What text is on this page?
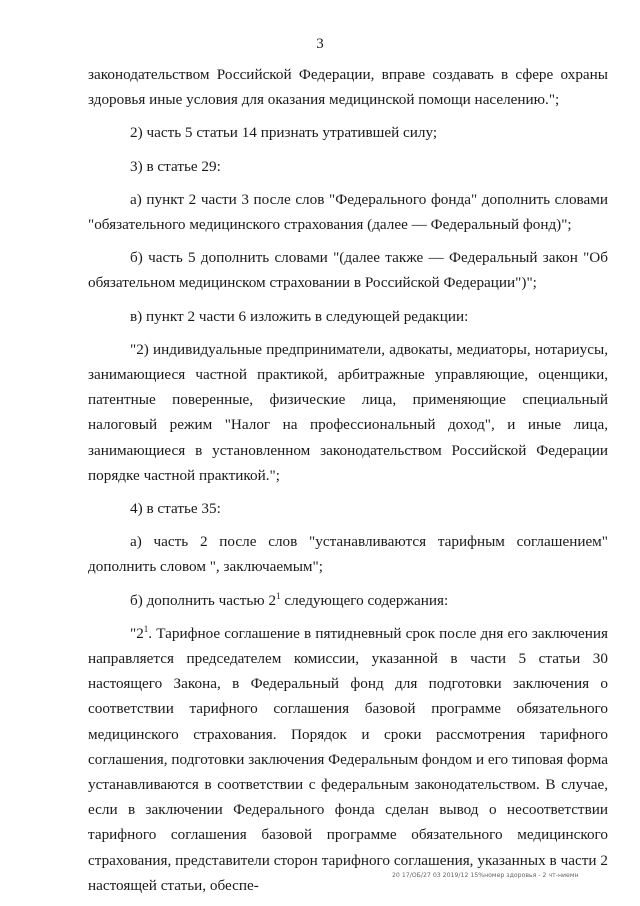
3

законодательством Российской Федерации, вправе создавать в сфере охраны здоровья иные условия для оказания медицинской помощи населению.";

2) часть 5 статьи 14 признать утратившей силу;

3) в статье 29:

а) пункт 2 части 3 после слов "Федерального фонда" дополнить словами "обязательного медицинского страхования (далее — Федеральный фонд)";

б) часть 5 дополнить словами "(далее также — Федеральный закон "Об обязательном медицинском страховании в Российской Федерации")";

в) пункт 2 части 6 изложить в следующей редакции:

"2) индивидуальные предприниматели, адвокаты, медиаторы, нотариусы, занимающиеся частной практикой, арбитражные управляющие, оценщики, патентные поверенные, физические лица, применяющие специальный налоговый режим "Налог на профессиональный доход", и иные лица, занимающиеся в установленном законодательством Российской Федерации порядке частной практикой.";

4) в статье 35:

а) часть 2 после слов "устанавливаются тарифным соглашением" дополнить словом ", заключаемым";

б) дополнить частью $2^1$ следующего содержания:

"$2^1$. Тарифное соглашение в пятидневный срок после дня его заключения направляется председателем комиссии, указанной в части 5 статьи 30 настоящего Закона, в Федеральный фонд для подготовки заключения о соответствии тарифного соглашения базовой программе обязательного медицинского страхования. Порядок и сроки рассмотрения тарифного соглашения, подготовки заключения Федеральным фондом и его типовая форма устанавливаются в соответствии с федеральным законодательством. В случае, если в заключении Федерального фонда сделан вывод о несоответствии тарифного соглашения базовой программе обязательного медицинского страхования, представители сторон тарифного соглашения, указанных в части 2 настоящей статьи, обеспе-

20 17/ОБ/27 03 2019/12 15%номер здоровья - 2 чт-ниемн
